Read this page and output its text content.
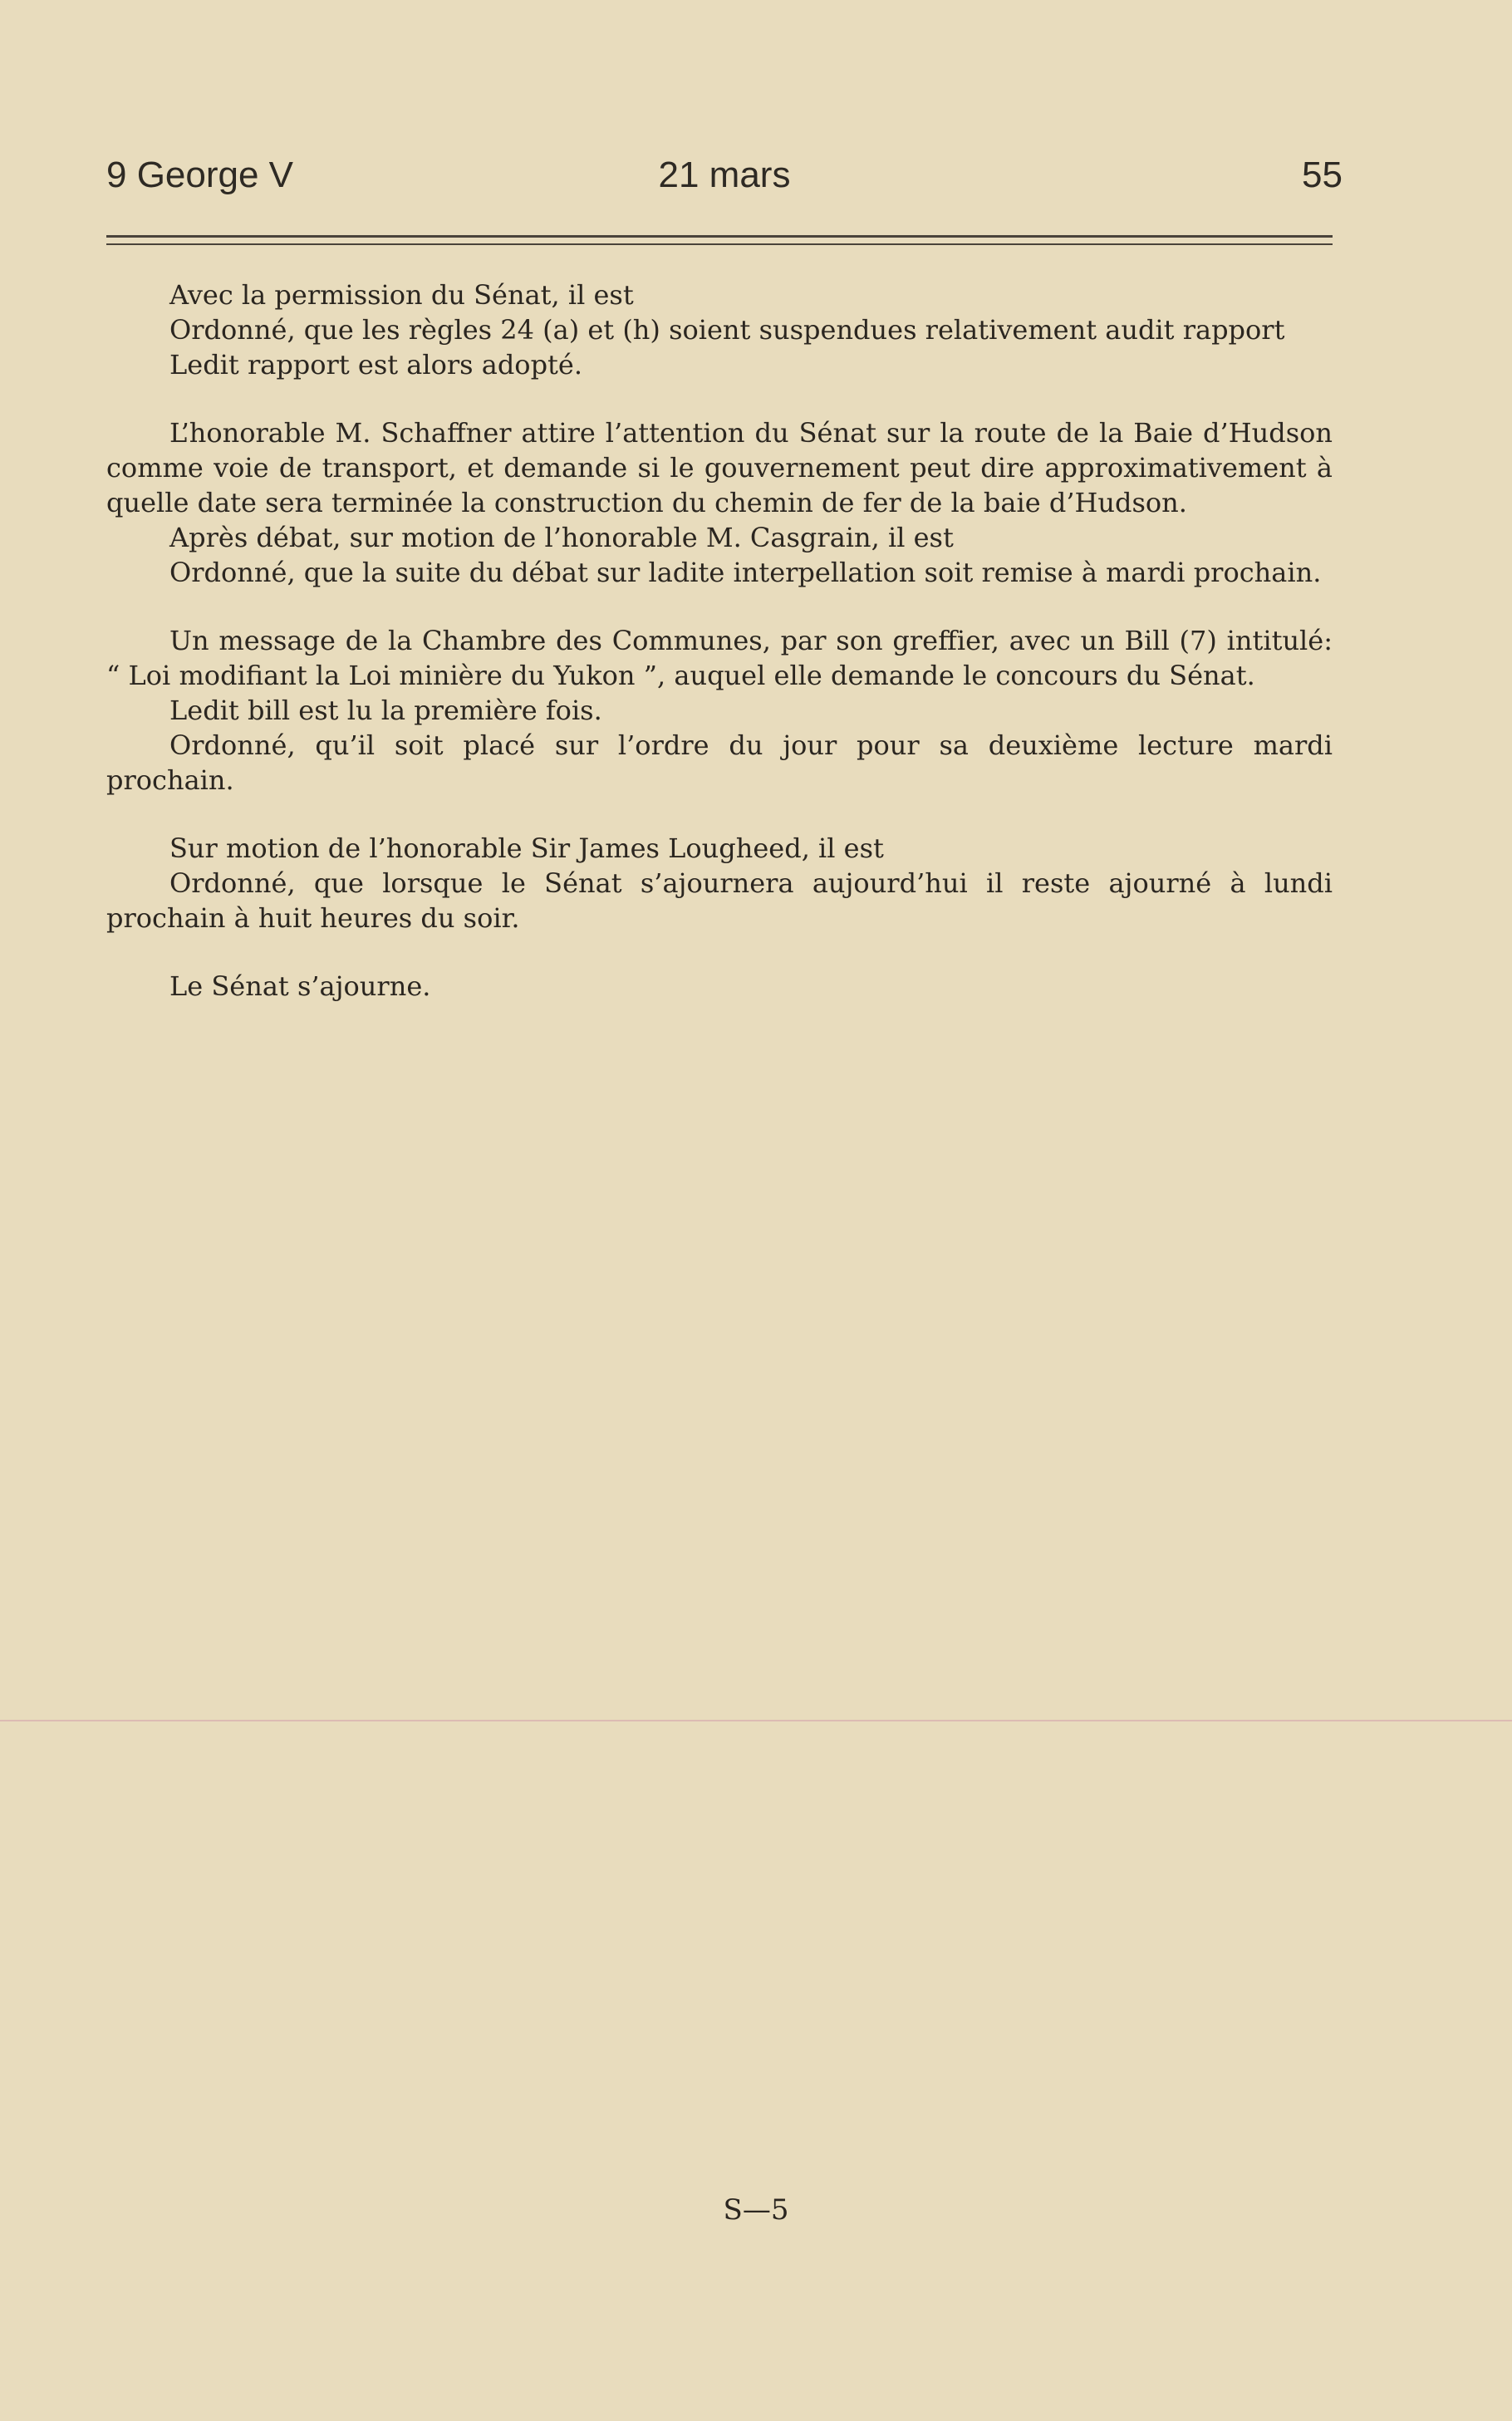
9 George V	21 mars	55

Avec la permission du Sénat, il est

Ordonné, que les règles 24 (a) et (h) soient suspendues relativement audit rapport

Ledit rapport est alors adopté.

L’honorable M. Schaffner attire l’attention du Sénat sur la route de la Baie d’Hudson comme voie de transport, et demande si le gouvernement peut dire approximativement à quelle date sera terminée la construction du chemin de fer de la baie d’Hudson.

Après débat, sur motion de l’honorable M. Casgrain, il est

Ordonné, que la suite du débat sur ladite interpellation soit remise à mardi prochain.

Un message de la Chambre des Communes, par son greffier, avec un Bill (7) intitulé: “ Loi modifiant la Loi minière du Yukon ”, auquel elle demande le concours du Sénat.

Ledit bill est lu la première fois.

Ordonné, qu’il soit placé sur l’ordre du jour pour sa deuxième lecture mardi prochain.

Sur motion de l’honorable Sir James Lougheed, il est

Ordonné, que lorsque le Sénat s’ajournera aujourd’hui il reste ajourné à lundi prochain à huit heures du soir.

Le Sénat s’ajourne.

S—5
